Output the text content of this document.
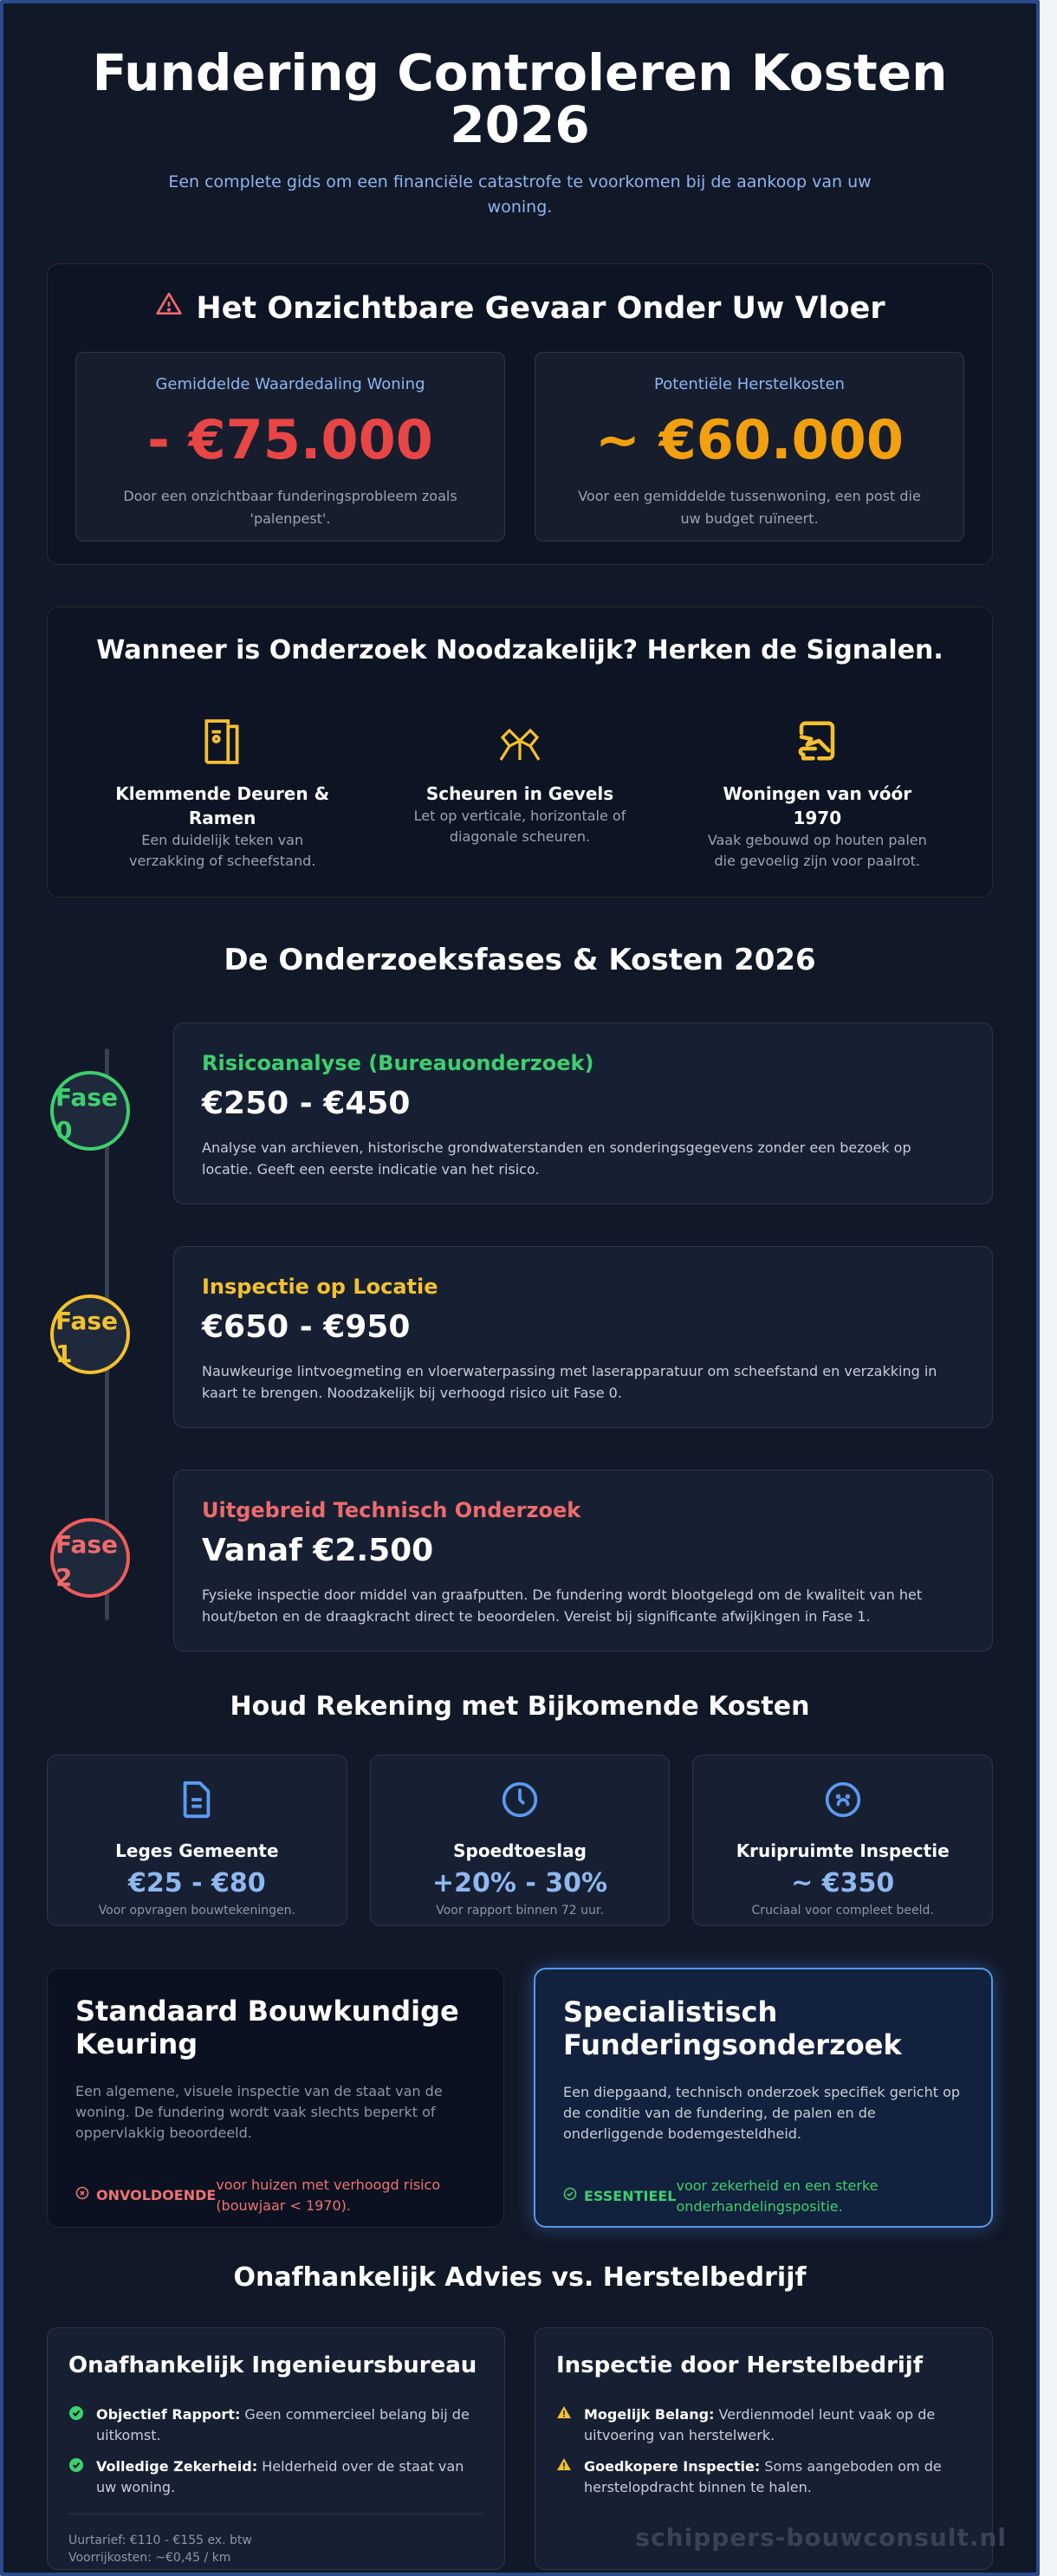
Fundering Controleren Kosten 2026

Een complete gids om een financiële catastrofe te voorkomen bij de aankoop van uw woning.

Het Onzichtbare Gevaar Onder Uw Vloer
Gemiddelde Waardedaling Woning
- €75.000
Door een onzichtbaar funderingsprobleem zoals 'palenpest'.
Potentiële Herstelkosten
~ €60.000
Voor een gemiddelde tussenwoning, een post die uw budget ruïneert.
Wanneer is Onderzoek Noodzakelijk? Herken de Signalen.
Klemmende Deuren & Ramen
Een duidelijk teken van verzakking of scheefstand.
Scheuren in Gevels
Let op verticale, horizontale of diagonale scheuren.
Woningen van vóór 1970
Vaak gebouwd op houten palen die gevoelig zijn voor paalrot.
De Onderzoeksfases & Kosten 2026
Fase 0
Risicoanalyse (Bureauonderzoek)
€250 - €450
Analyse van archieven, historische grondwaterstanden en sonderingsgegevens zonder een bezoek op locatie. Geeft een eerste indicatie van het risico.
Fase 1
Inspectie op Locatie
€650 - €950
Nauwkeurige lintvoegmeting en vloerwaterpassing met laserapparatuur om scheefstand en verzakking in kaart te brengen. Noodzakelijk bij verhoogd risico uit Fase 0.
Fase 2
Uitgebreid Technisch Onderzoek
Vanaf €2.500
Fysieke inspectie door middel van graafputten. De fundering wordt blootgelegd om de kwaliteit van het hout/beton en de draagkracht direct te beoordelen. Vereist bij significante afwijkingen in Fase 1.
Houd Rekening met Bijkomende Kosten
Leges Gemeente
€25 - €80
Voor opvragen bouwtekeningen.
Spoedtoeslag
+20% - 30%
Voor rapport binnen 72 uur.
Kruipruimte Inspectie
~ €350
Cruciaal voor compleet beeld.
Standaard Bouwkundige Keuring

Een algemene, visuele inspectie van de staat van de woning. De fundering wordt vaak slechts beperkt of oppervlakkig beoordeeld.

ONVOLDOENDE
voor huizen met verhoogd risico (bouwjaar < 1970).
Specialistisch Funderingsonderzoek

Een diepgaand, technisch onderzoek specifiek gericht op de conditie van de fundering, de palen en de onderliggende bodemgesteldheid.

ESSENTIEEL
voor zekerheid en een sterke onderhandelingspositie.
Onafhankelijk Advies vs. Herstelbedrijf
Onafhankelijk Ingenieursbureau
Objectief Rapport: Geen commercieel belang bij de uitkomst.
Volledige Zekerheid: Helderheid over de staat van uw woning.
Uurtarief: €110 - €155 ex. btw
Voorrijkosten: ~€0,45 / km
Inspectie door Herstelbedrijf
Mogelijk Belang: Verdienmodel leunt vaak op de uitvoering van herstelwerk.
Goedkopere Inspectie: Soms aangeboden om de herstelopdracht binnen te halen.
schippers-bouwconsult.nl
